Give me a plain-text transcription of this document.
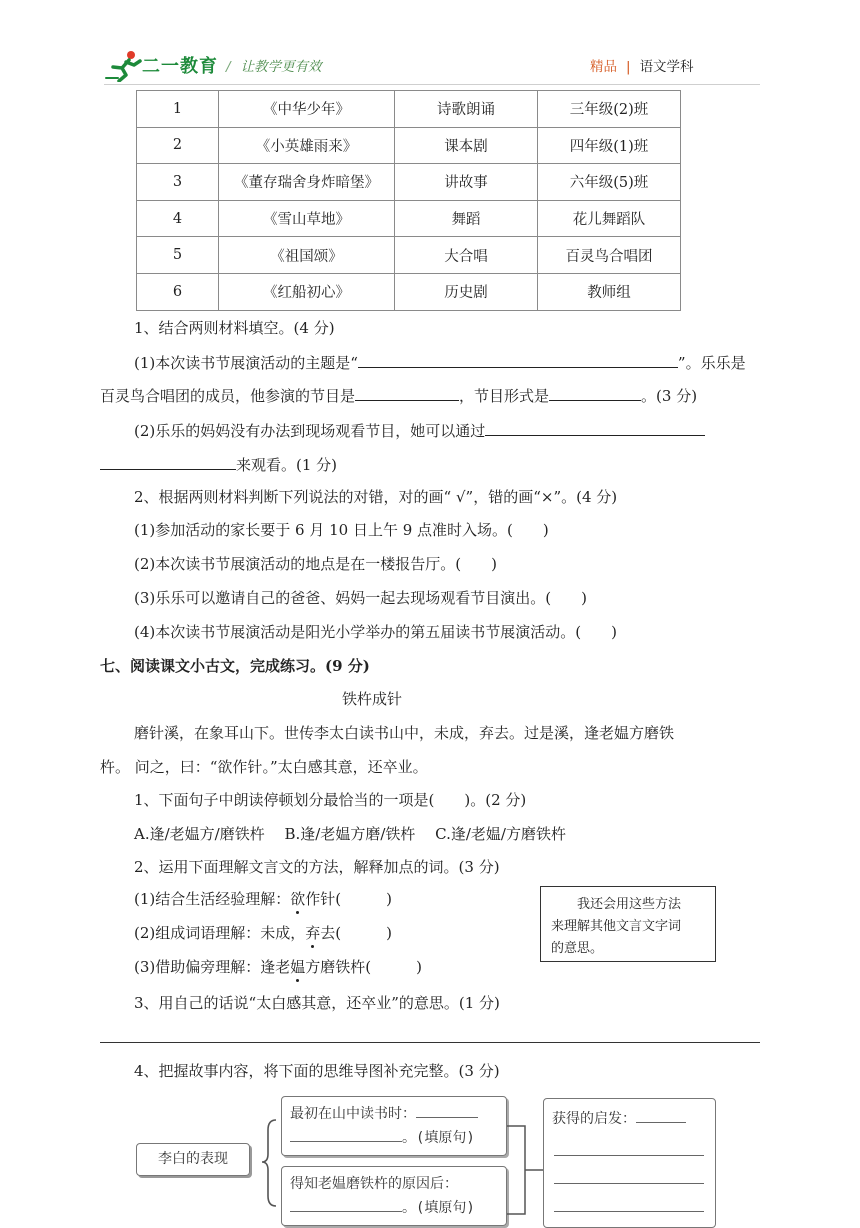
二一教育 / 让教学更有效	精品 | 语文学科
1	《中华少年》	诗歌朗诵	三年级(2)班
2	《小英雄雨来》	课本剧	四年级(1)班
3	《董存瑞舍身炸暗堡》	讲故事	六年级(5)班
4	《雪山草地》	舞蹈	花儿舞蹈队
5	《祖国颂》	大合唱	百灵鸟合唱团
6	《红船初心》	历史剧	教师组
1、结合两则材料填空。(4 分)
(1)本次读书节展演活动的主题是“	”。乐乐是
百灵鸟合唱团的成员，他参演的节目是	，节目形式是	。(3 分)
(2)乐乐的妈妈没有办法到现场观看节目，她可以通过
来观看。(1 分)
2、根据两则材料判断下列说法的对错，对的画“ √”，错的画“×”。(4 分)
(1)参加活动的家长要于 6 月 10 日上午 9 点准时入场。(　　)
(2)本次读书节展演活动的地点是在一楼报告厅。(　　)
(3)乐乐可以邀请自己的爸爸、妈妈一起去现场观看节目演出。(　　)
(4)本次读书节展演活动是阳光小学举办的第五届读书节展演活动。(　　)
七、阅读课文小古文，完成练习。(9 分)
铁杵成针
磨针溪，在象耳山下。世传李太白读书山中，未成，弃去。过是溪，逢老媪方磨铁
杵。 问之，曰：“欲作针。”太白感其意，还卒业。
1、下面句子中朗读停顿划分最恰当的一项是(　　)。(2 分)
A.逢/老媪方/磨铁杵　 B.逢/老媪方磨/铁杵　 C.逢/老媪/方磨铁杵
2、运用下面理解文言文的方法，解释加点的词。(3 分)
(1)结合生活经验理解：欲作针(　　　)
(2)组成词语理解：未成，弃去(　　　)
(3)借助偏旁理解：逢老媪方磨铁杵(　　　)
我还会用这些方法
来理解其他文言文字词
的意思。
3、用自己的话说“太白感其意，还卒业”的意思。(1 分)
4、把握故事内容，将下面的思维导图补充完整。(3 分)
李白的表现
最初在山中读书时：
。(填原句)
得知老媪磨铁杵的原因后：
。(填原句)
获得的启发：
